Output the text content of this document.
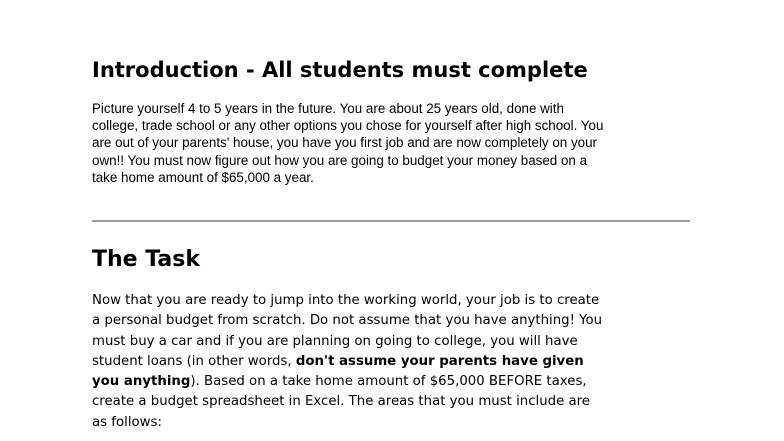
Introduction - All students must complete

Picture yourself 4 to 5 years in the future. You are about 25 years old, done with
college, trade school or any other options you chose for yourself after high school. You
are out of your parents' house, you have you first job and are now completely on your
own!! You must now figure out how you are going to budget your money based on a
take home amount of $65,000 a year.

The Task

Now that you are ready to jump into the working world, your job is to create
a personal budget from scratch. Do not assume that you have anything! You
must buy a car and if you are planning on going to college, you will have
student loans (in other words, don't assume your parents have given
you anything). Based on a take home amount of $65,000 BEFORE taxes,
create a budget spreadsheet in Excel. The areas that you must include are
as follows:
